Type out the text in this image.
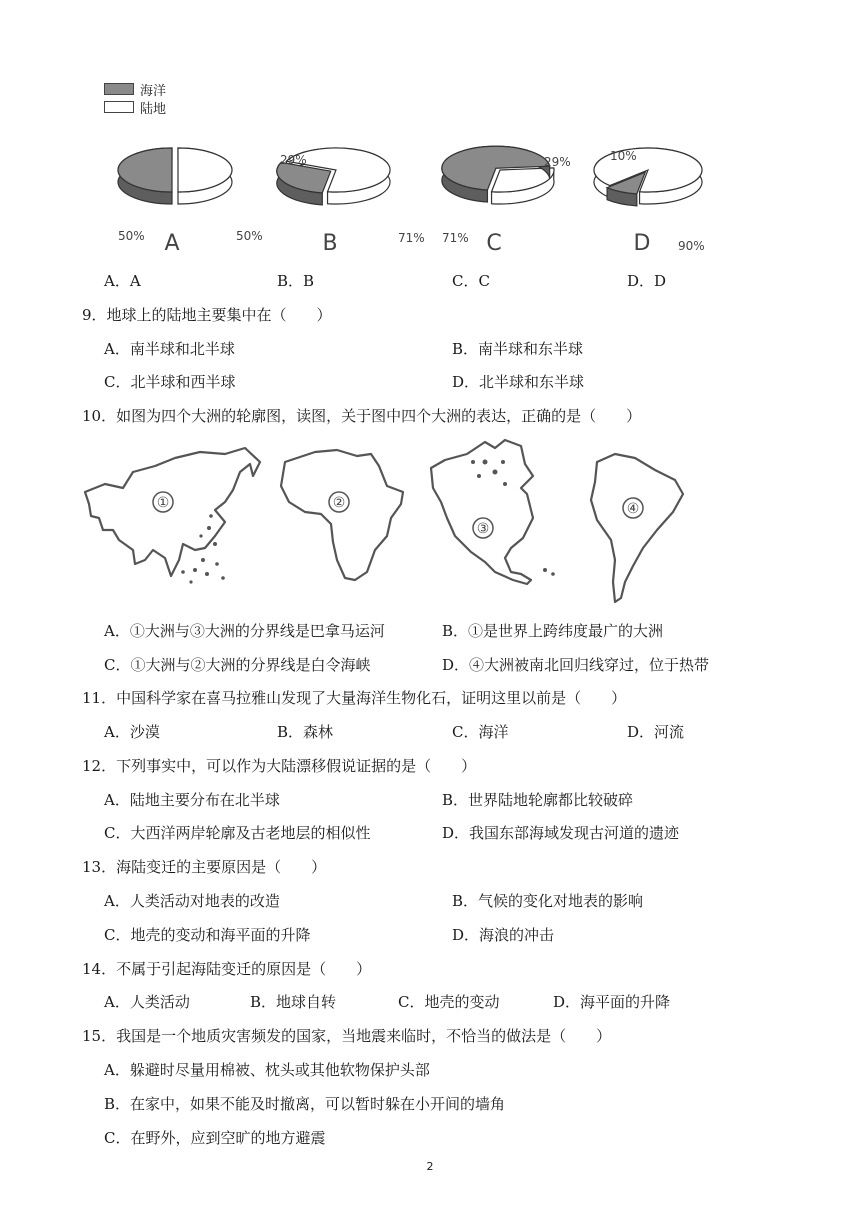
海洋
陆地
50%	50%
A
29%
71%
B	71%
29%
C
10%
90%
D
A．A	B．B	C．C	D．D
9．地球上的陆地主要集中在（　　）
A．南半球和北半球	B．南半球和东半球
C．北半球和西半球	D．北半球和东半球
10．如图为四个大洲的轮廓图，读图，关于图中四个大洲的表达，正确的是（　　）
①	②
③
④
A．①大洲与③大洲的分界线是巴拿马运河	B．①是世界上跨纬度最广的大洲
C．①大洲与②大洲的分界线是白令海峡	D．④大洲被南北回归线穿过，位于热带
11．中国科学家在喜马拉雅山发现了大量海洋生物化石，证明这里以前是（　　）
A．沙漠	B．森林	C．海洋	D．河流
12．下列事实中，可以作为大陆漂移假说证据的是（　　）
A．陆地主要分布在北半球	B．世界陆地轮廓都比较破碎
C．大西洋两岸轮廓及古老地层的相似性	D．我国东部海域发现古河道的遗迹
13．海陆变迁的主要原因是（　　）
A．人类活动对地表的改造	B．气候的变化对地表的影响
C．地壳的变动和海平面的升降	D．海浪的冲击
14．不属于引起海陆变迁的原因是（　　）
A．人类活动	B．地球自转	C．地壳的变动	D．海平面的升降
15．我国是一个地质灾害频发的国家，当地震来临时，不恰当的做法是（　　）
A．躲避时尽量用棉被、枕头或其他软物保护头部
B．在家中，如果不能及时撤离，可以暂时躲在小开间的墙角
C．在野外，应到空旷的地方避震
2
